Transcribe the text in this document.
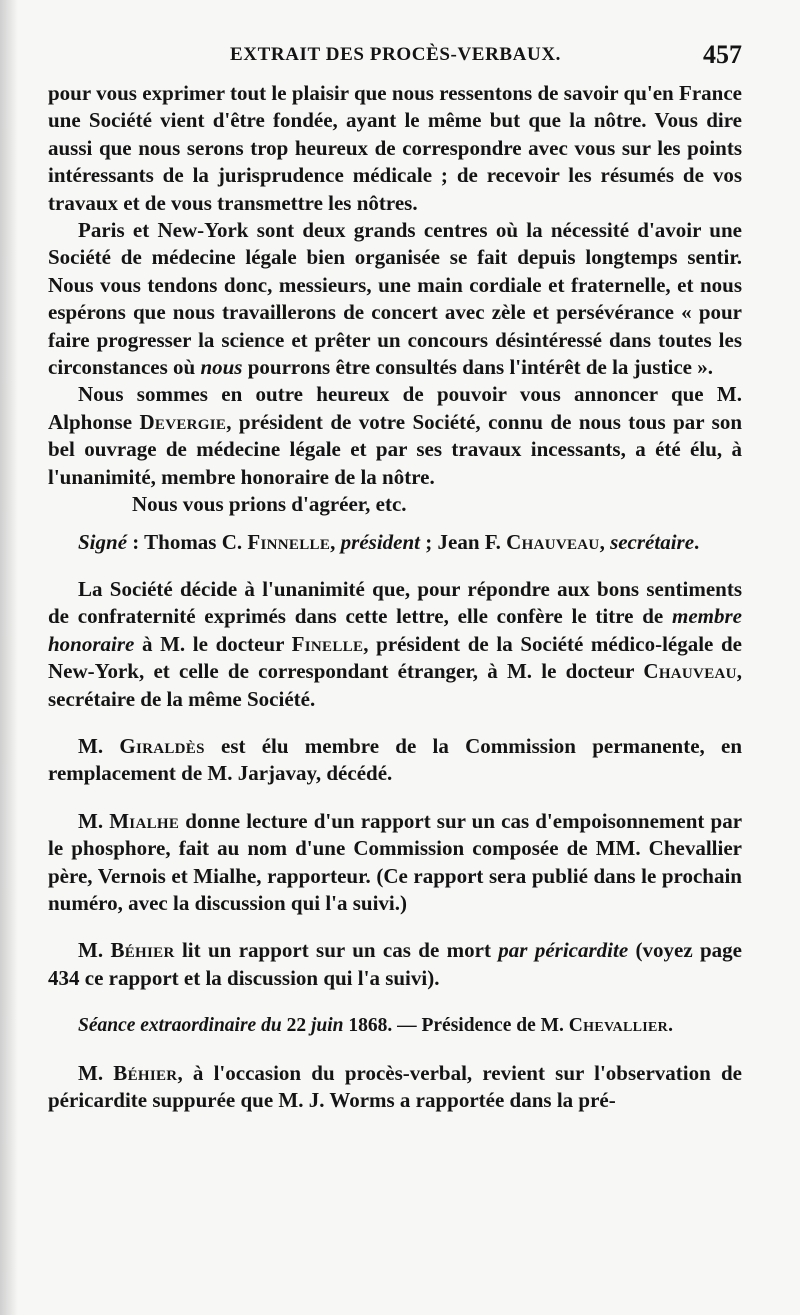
EXTRAIT DES PROCÈS-VERBAUX.	457

pour vous exprimer tout le plaisir que nous ressentons de savoir qu'en France une Société vient d'être fondée, ayant le même but que la nôtre. Vous dire aussi que nous serons trop heureux de correspondre avec vous sur les points intéressants de la jurisprudence médicale ; de recevoir les résumés de vos travaux et de vous transmettre les nôtres.

Paris et New-York sont deux grands centres où la nécessité d'avoir une Société de médecine légale bien organisée se fait depuis longtemps sentir. Nous vous tendons donc, messieurs, une main cordiale et fraternelle, et nous espérons que nous travaillerons de concert avec zèle et persévérance « pour faire progresser la science et prêter un concours désintéressé dans toutes les circonstances où nous pourrons être consultés dans l'intérêt de la justice ».

Nous sommes en outre heureux de pouvoir vous annoncer que M. Alphonse Devergie, président de votre Société, connu de nous tous par son bel ouvrage de médecine légale et par ses travaux incessants, a été élu, à l'unanimité, membre honoraire de la nôtre.

Nous vous prions d'agréer, etc.

Signé : Thomas C. Finnelle, président ; Jean F. Chauveau, secrétaire.

La Société décide à l'unanimité que, pour répondre aux bons sentiments de confraternité exprimés dans cette lettre, elle confère le titre de membre honoraire à M. le docteur Finelle, président de la Société médico-légale de New-York, et celle de correspondant étranger, à M. le docteur Chauveau, secrétaire de la même Société.

M. Giraldès est élu membre de la Commission permanente, en remplacement de M. Jarjavay, décédé.

M. Mialhe donne lecture d'un rapport sur un cas d'empoisonnement par le phosphore, fait au nom d'une Commission composée de MM. Chevallier père, Vernois et Mialhe, rapporteur. (Ce rapport sera publié dans le prochain numéro, avec la discussion qui l'a suivi.)

M. Béhier lit un rapport sur un cas de mort par péricardite (voyez page 434 ce rapport et la discussion qui l'a suivi).

Séance extraordinaire du 22 juin 1868. — Présidence de M. Chevallier.

M. Béhier, à l'occasion du procès-verbal, revient sur l'observation de péricardite suppurée que M. J. Worms a rapportée dans la pré-
